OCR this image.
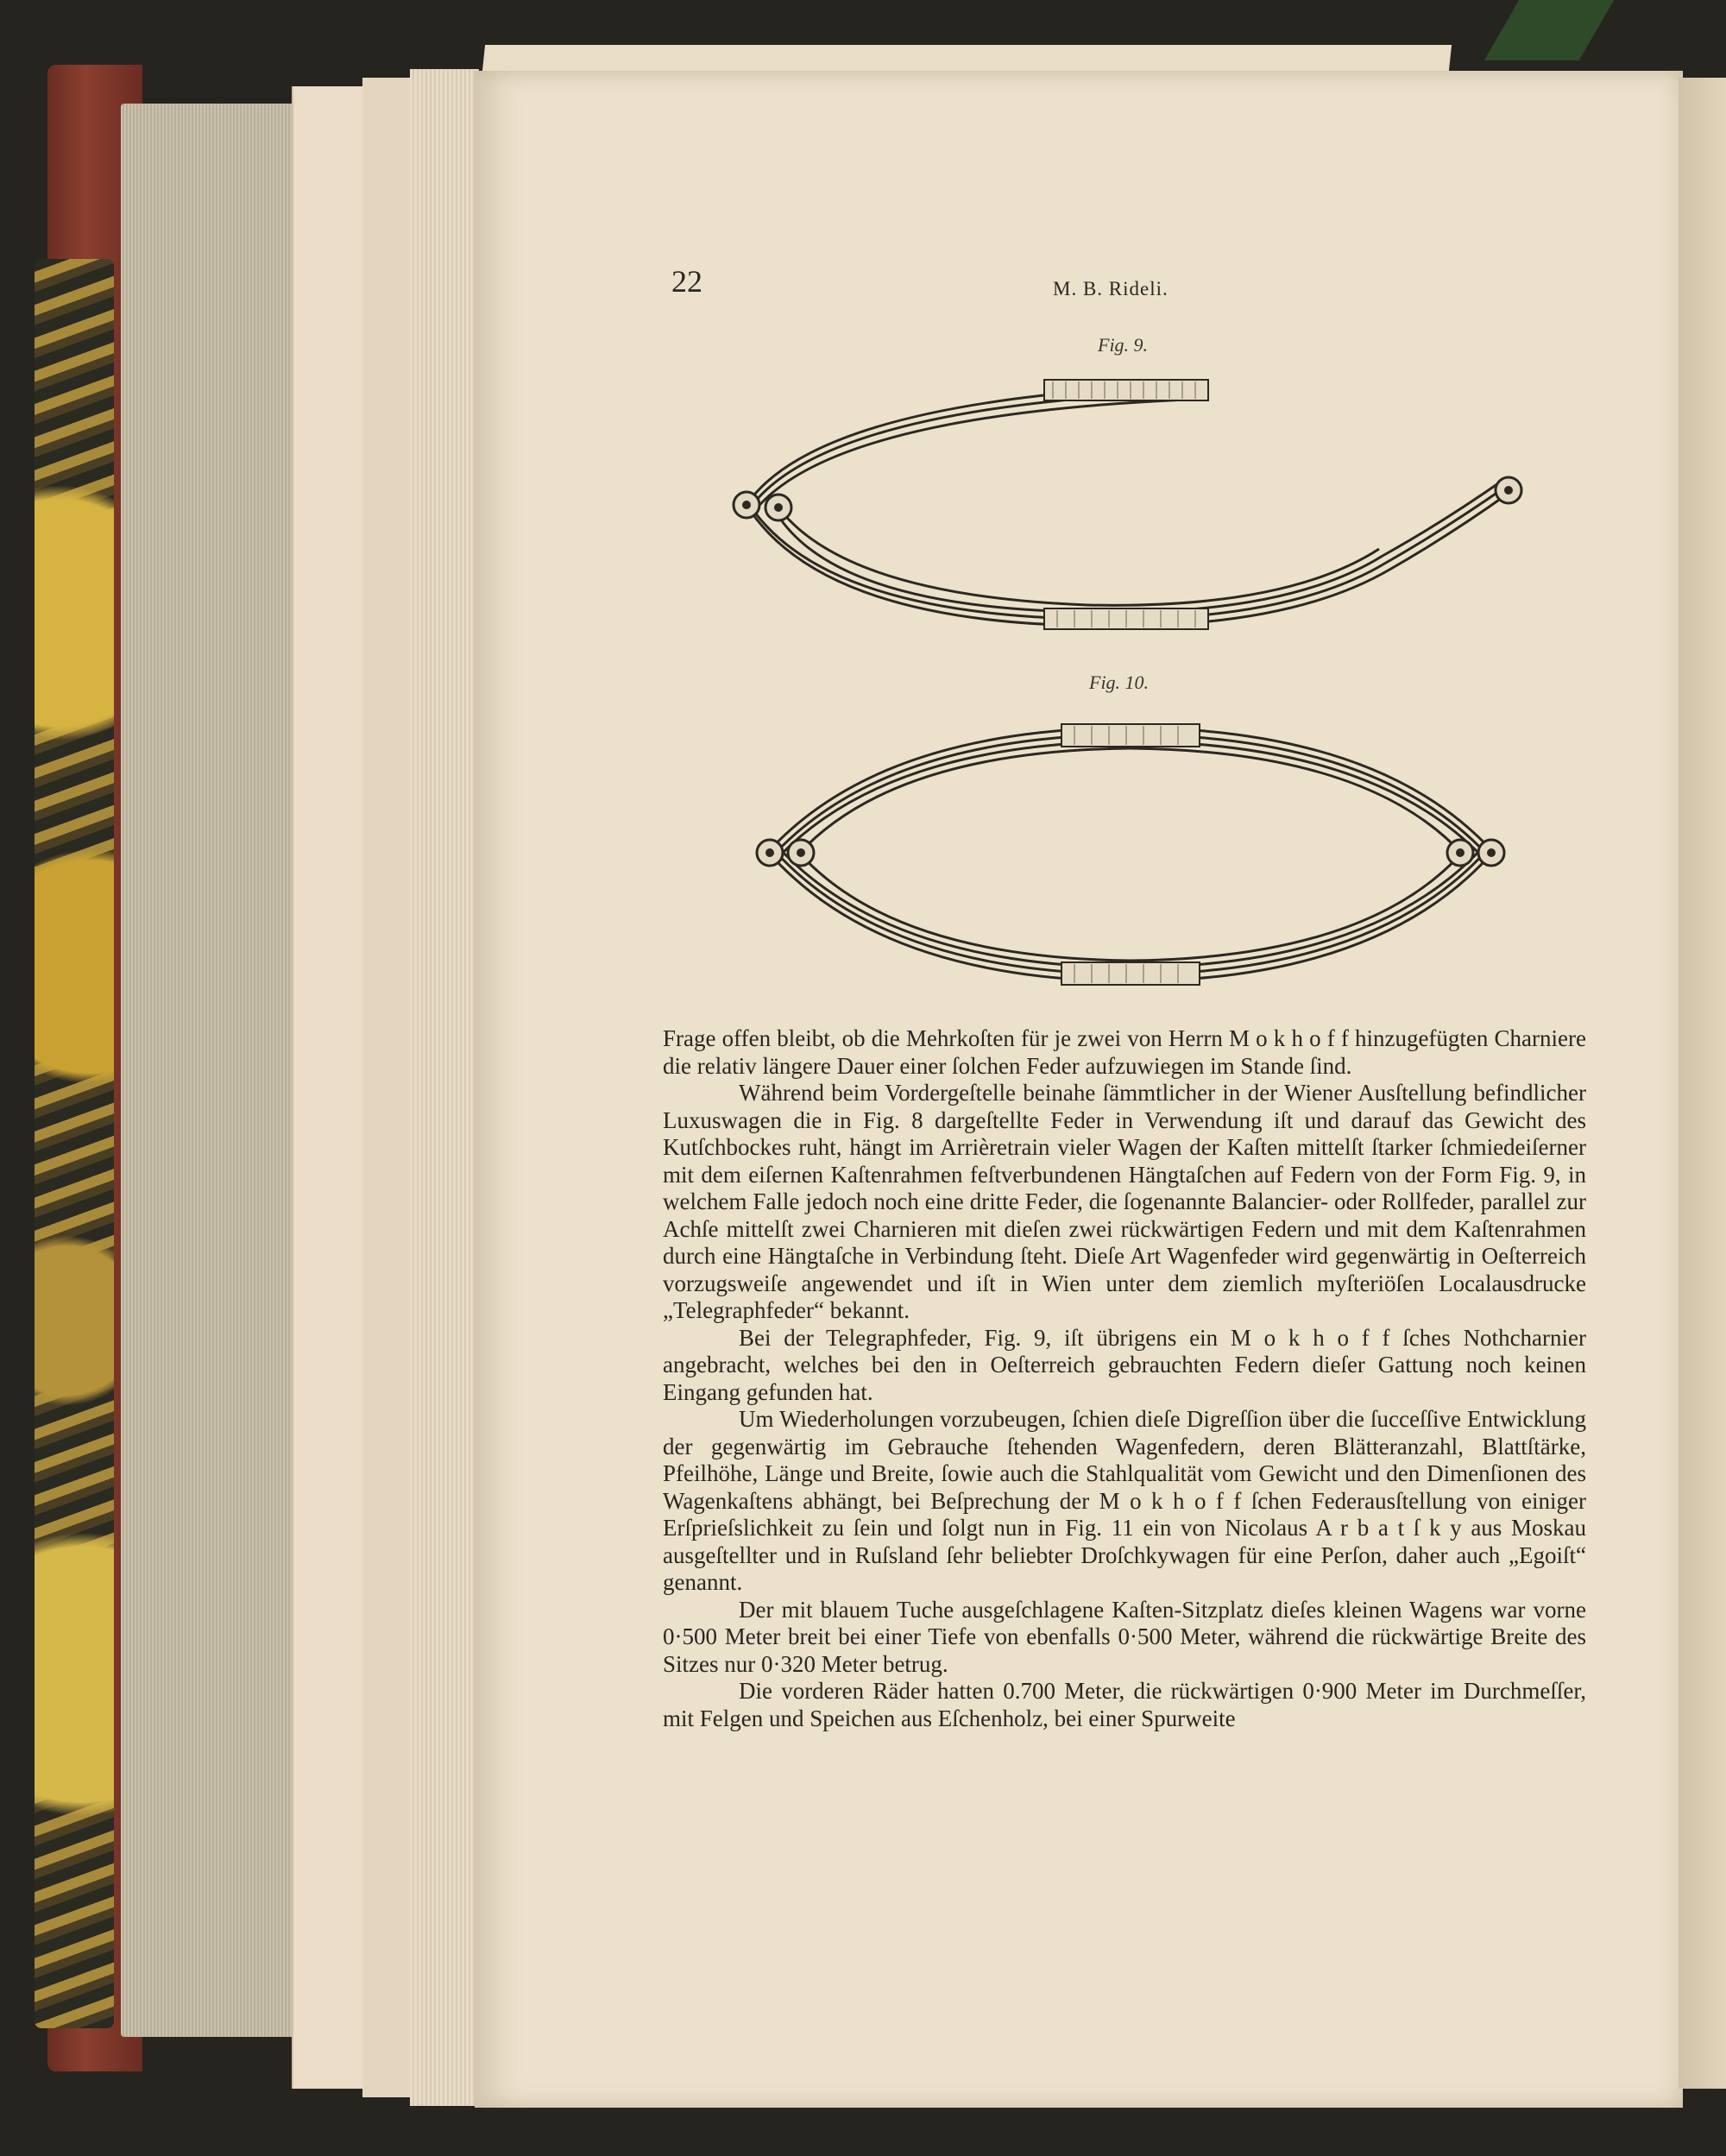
22	M. B. Rideli.
Fig. 9.
Fig. 10.

Frage offen bleibt, ob die Mehrkoſten für je zwei von Herrn M o k h o f f hinzugefügten Charniere die relativ längere Dauer einer ſolchen Feder aufzuwiegen im Stande ſind.

Während beim Vordergeſtelle beinahe ſämmtlicher in der Wiener Ausſtellung befindlicher Luxuswagen die in Fig. 8 dargeſtellte Feder in Verwendung iſt und darauf das Gewicht des Kutſchbockes ruht, hängt im Arrièretrain vieler Wagen der Kaſten mittelſt ſtarker ſchmiedeiſerner mit dem eiſernen Kaſtenrahmen feſtverbundenen Hängtaſchen auf Federn von der Form Fig. 9, in welchem Falle jedoch noch eine dritte Feder, die ſogenannte Balancier- oder Rollfeder, parallel zur Achſe mittelſt zwei Charnieren mit dieſen zwei rückwärtigen Federn und mit dem Kaſtenrahmen durch eine Hängtaſche in Verbindung ſteht. Dieſe Art Wagenfeder wird gegenwärtig in Oeſterreich vorzugsweiſe angewendet und iſt in Wien unter dem ziemlich myſteriöſen Localausdrucke „Telegraphfeder“ bekannt.

Bei der Telegraphfeder, Fig. 9, iſt übrigens ein M o k h o f f ſches Nothcharnier angebracht, welches bei den in Oeſterreich gebrauchten Federn dieſer Gattung noch keinen Eingang gefunden hat.

Um Wiederholungen vorzubeugen, ſchien dieſe Digreſſion über die ſucceſſive Entwicklung der gegenwärtig im Gebrauche ſtehenden Wagenfedern, deren Blätteranzahl, Blattſtärke, Pfeilhöhe, Länge und Breite, ſowie auch die Stahlqualität vom Gewicht und den Dimenſionen des Wagenkaſtens abhängt, bei Beſprechung der M o k h o f f ſchen Federausſtellung von einiger Erſprieſslichkeit zu ſein und ſolgt nun in Fig. 11 ein von Nicolaus A r b a t ſ k y aus Moskau ausgeſtellter und in Ruſsland ſehr beliebter Droſchkywagen für eine Perſon, daher auch „Egoiſt“ genannt.

Der mit blauem Tuche ausgeſchlagene Kaſten-Sitzplatz dieſes kleinen Wagens war vorne 0·500 Meter breit bei einer Tiefe von ebenfalls 0·500 Meter, während die rückwärtige Breite des Sitzes nur 0·320 Meter betrug.

Die vorderen Räder hatten 0.700 Meter, die rückwärtigen 0·900 Meter im Durchmeſſer, mit Felgen und Speichen aus Eſchenholz, bei einer Spurweite
